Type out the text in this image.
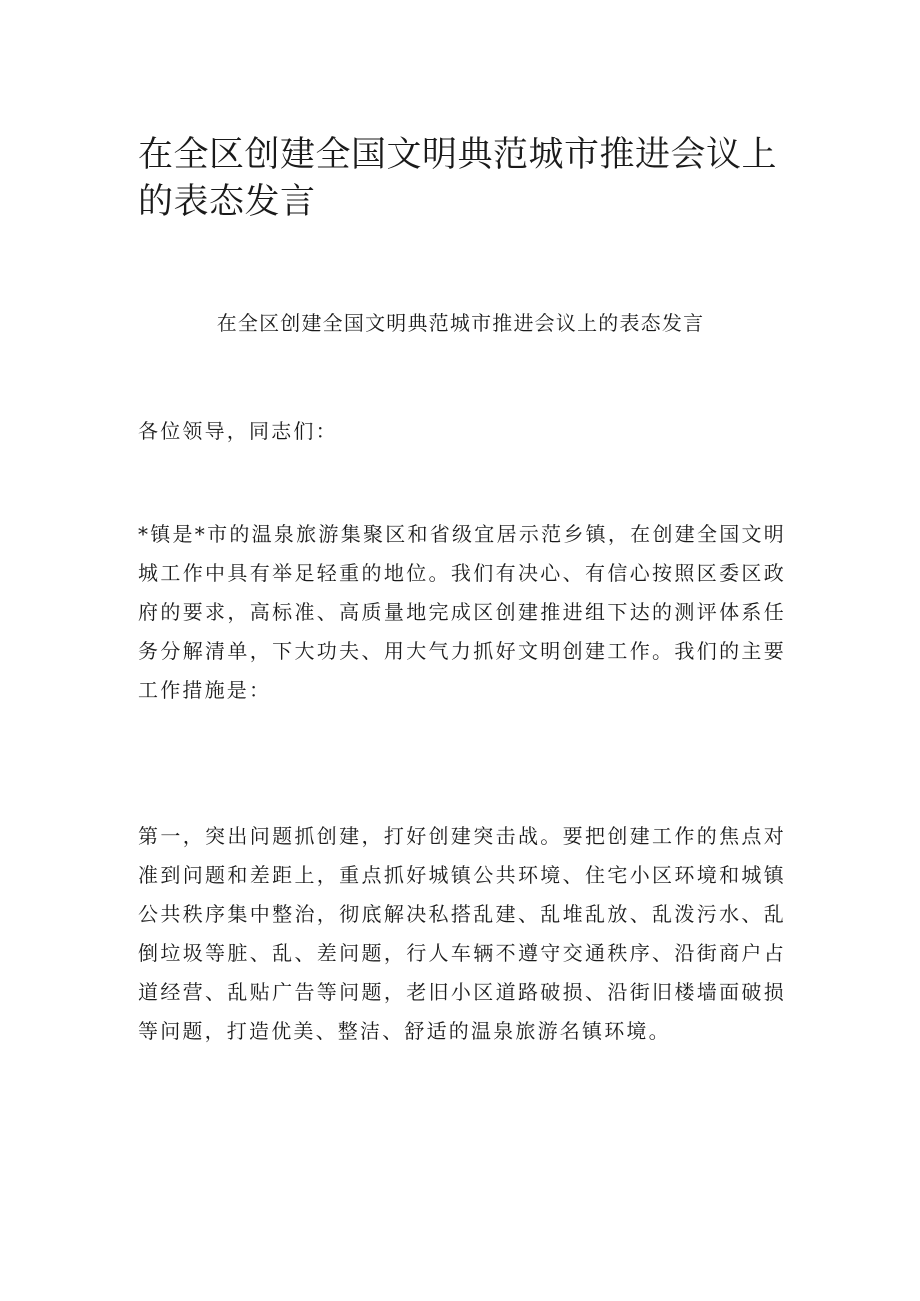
在全区创建全国文明典范城市推进会议上的表态发言

在全区创建全国文明典范城市推进会议上的表态发言

各位领导，同志们：

*镇是*市的温泉旅游集聚区和省级宜居示范乡镇，在创建全国文明城工作中具有举足轻重的地位。我们有决心、有信心按照区委区政府的要求，高标准、高质量地完成区创建推进组下达的测评体系任务分解清单，下大功夫、用大气力抓好文明创建工作。我们的主要工作措施是：

第一，突出问题抓创建，打好创建突击战。要把创建工作的焦点对准到问题和差距上，重点抓好城镇公共环境、住宅小区环境和城镇公共秩序集中整治，彻底解决私搭乱建、乱堆乱放、乱泼污水、乱倒垃圾等脏、乱、差问题，行人车辆不遵守交通秩序、沿街商户占道经营、乱贴广告等问题，老旧小区道路破损、沿街旧楼墙面破损等问题，打造优美、整洁、舒适的温泉旅游名镇环境。
